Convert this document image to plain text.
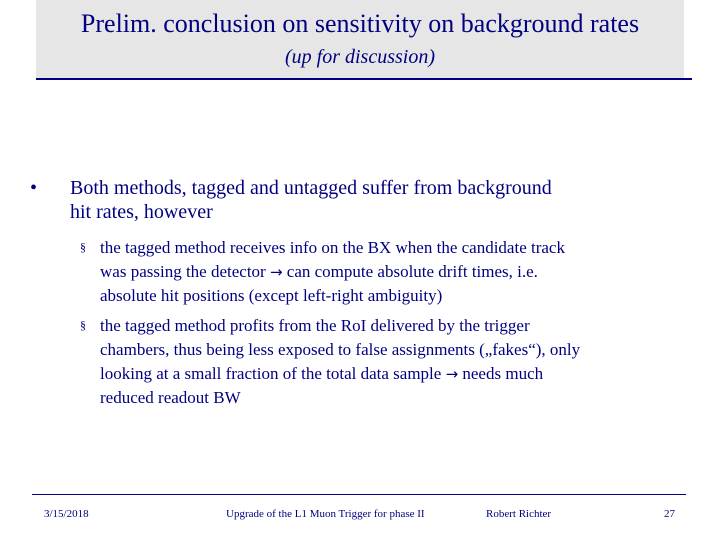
Prelim. conclusion on sensitivity on background rates
(up for discussion)
•	Both methods, tagged and untagged suffer from background
hit rates, however
§ the tagged method receives info on the BX when the candidate track
was passing the detector → can compute absolute drift times, i.e.
absolute hit positions (except left-right ambiguity)
§ the tagged method profits from the RoI delivered by the trigger
chambers, thus being less exposed to false assignments („fakes“), only
looking at a small fraction of the total data sample → needs much
reduced readout BW
3/15/2018	Upgrade of the L1 Muon Trigger for phase II	Robert Richter	27
